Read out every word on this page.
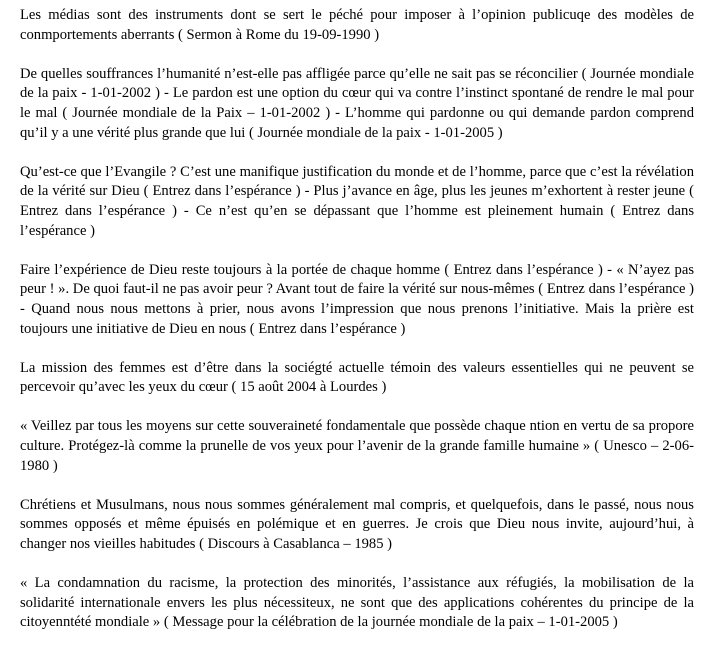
Les médias sont des instruments dont se sert le péché pour imposer à l’opinion publicuqe des modèles de conmportements aberrants ( Sermon à Rome du 19-09-1990 )

De quelles souffrances l’humanité n’est-elle pas affligée parce qu’elle ne sait pas se réconcilier ( Journée mondiale de la paix - 1-01-2002 ) - Le pardon est une option du cœur qui va contre l’instinct spontané de rendre le mal pour le mal ( Journée mondiale de la Paix – 1-01-2002 ) - L’homme qui pardonne ou qui demande pardon comprend qu’il y a une vérité plus grande que lui ( Journée mondiale de la paix - 1-01-2005 )

Qu’est-ce que l’Evangile ? C’est une manifique justification du monde et de l’homme, parce que c’est la révélation de la vérité sur Dieu ( Entrez dans l’espérance ) - Plus j’avance en âge, plus les jeunes m’exhortent à rester jeune ( Entrez dans l’espérance ) - Ce n’est qu’en se dépassant que l’homme est pleinement humain ( Entrez dans l’espérance )

Faire l’expérience de Dieu reste toujours à la portée de chaque homme ( Entrez dans l’espérance ) - « N’ayez pas peur ! ». De quoi faut-il ne pas avoir peur ? Avant tout de faire la vérité sur nous-mêmes ( Entrez dans l’espérance ) - Quand nous nous mettons à prier, nous avons l’impression que nous prenons l’initiative. Mais la prière est toujours une initiative de Dieu en nous ( Entrez dans l’espérance )

La mission des femmes est d’être dans la sociégté actuelle témoin des valeurs essentielles qui ne peuvent se percevoir qu’avec les yeux du cœur ( 15 août 2004 à Lourdes )

« Veillez par tous les moyens sur cette souveraineté fondamentale que possède chaque ntion en vertu de sa propore culture. Protégez-là comme la prunelle de vos yeux pour l’avenir de la grande famille humaine » ( Unesco – 2-06-1980 )

Chrétiens et Musulmans, nous nous sommes généralement mal compris, et quelquefois, dans le passé, nous nous sommes opposés et même épuisés en polémique et en guerres. Je crois que Dieu nous invite, aujourd’hui, à changer nos vieilles habitudes ( Discours à Casablanca – 1985 )

« La condamnation du racisme, la protection des minorités, l’assistance aux réfugiés, la mobilisation de la solidarité internationale envers les plus nécessiteux, ne sont que des applications cohérentes du principe de la citoyenntété mondiale » ( Message pour la célébration de la journée mondiale de la paix – 1-01-2005 )
